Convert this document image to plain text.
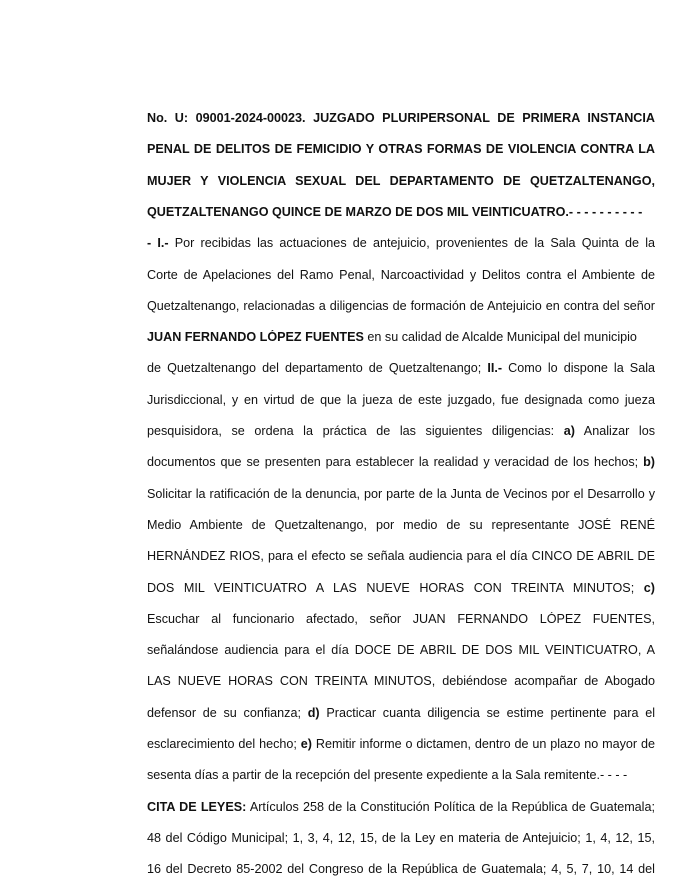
No. U: 09001-2024-00023. JUZGADO PLURIPERSONAL DE PRIMERA INSTANCIA
PENAL DE DELITOS DE FEMICIDIO Y OTRAS FORMAS DE VIOLENCIA CONTRA LA
MUJER Y VIOLENCIA SEXUAL DEL DEPARTAMENTO DE QUETZALTENANGO,
QUETZALTENANGO QUINCE DE MARZO DE DOS MIL VEINTICUATRO.- - - - - - - - - -
- I.- Por recibidas las actuaciones de antejuicio, provenientes de la Sala Quinta de la
Corte de Apelaciones del Ramo Penal, Narcoactividad y Delitos contra el Ambiente de
Quetzaltenango, relacionadas a diligencias de formación de Antejuicio en contra del señor
JUAN FERNANDO LÓPEZ FUENTES en su calidad de Alcalde Municipal del municipio
de Quetzaltenango del departamento de Quetzaltenango; II.- Como lo dispone la Sala
Jurisdiccional, y en virtud de que la jueza de este juzgado, fue designada como jueza
pesquisidora, se ordena la práctica de las siguientes diligencias: a) Analizar los
documentos que se presenten para establecer la realidad y veracidad de los hechos; b)
Solicitar la ratificación de la denuncia, por parte de la Junta de Vecinos por el Desarrollo y
Medio Ambiente de Quetzaltenango, por medio de su representante JOSÉ RENÉ
HERNÁNDEZ RIOS, para el efecto se señala audiencia para el día CINCO DE ABRIL DE
DOS MIL VEINTICUATRO A LAS NUEVE HORAS CON TREINTA MINUTOS; c)
Escuchar al funcionario afectado, señor JUAN FERNANDO LÓPEZ FUENTES,
señalándose audiencia para el día DOCE DE ABRIL DE DOS MIL VEINTICUATRO, A
LAS NUEVE HORAS CON TREINTA MINUTOS, debiéndose acompañar de Abogado
defensor de su confianza; d) Practicar cuanta diligencia se estime pertinente para el
esclarecimiento del hecho; e) Remitir informe o dictamen, dentro de un plazo no mayor de
sesenta días a partir de la recepción del presente expediente a la Sala remitente.- - - -
CITA DE LEYES: Artículos 258 de la Constitución Política de la República de Guatemala;
48 del Código Municipal; 1, 3, 4, 12, 15, de la Ley en materia de Antejuicio; 1, 4, 12, 15,
16 del Decreto 85-2002 del Congreso de la República de Guatemala; 4, 5, 7, 10, 14 del
